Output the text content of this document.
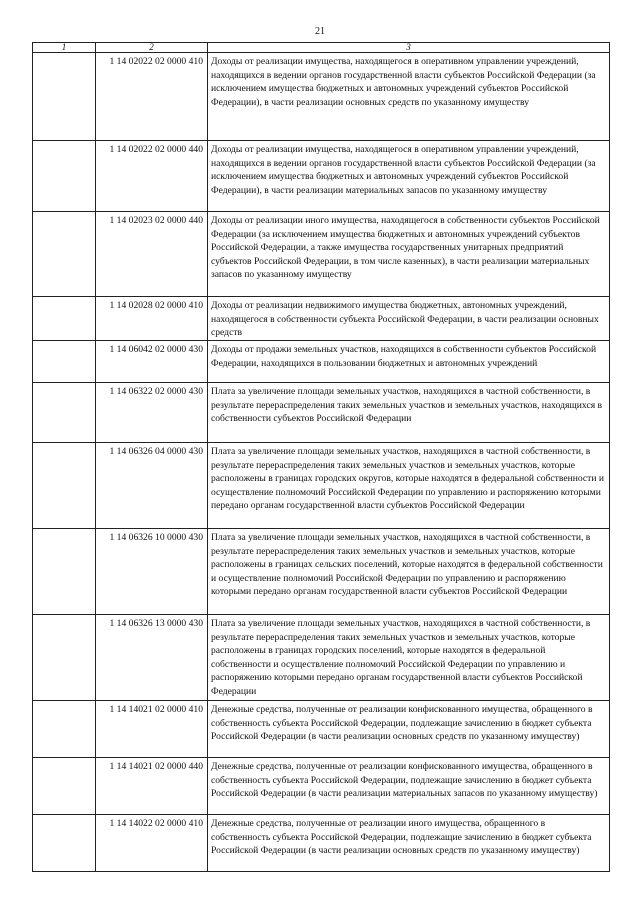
21
1	2	3
	1 14 02022 02 0000 410	Доходы от реализации имущества, находящегося в оперативном управлении учреждений, находящихся в ведении органов государственной власти субъектов Российской Федерации (за исключением имущества бюджетных и автономных учреждений субъектов Российской Федерации), в части реализации основных средств по указанному имуществу
	1 14 02022 02 0000 440	Доходы от реализации имущества, находящегося в оперативном управлении учреждений, находящихся в ведении органов государственной власти субъектов Российской Федерации (за исключением имущества бюджетных и автономных учреждений субъектов Российской Федерации), в части реализации материальных запасов по указанному имуществу
	1 14 02023 02 0000 440	Доходы от реализации иного имущества, находящегося в собственности субъектов Российской Федерации (за исключением имущества бюджетных и автономных учреждений субъектов Российской Федерации, а также имущества государственных унитарных предприятий субъектов Российской Федерации, в том числе казенных), в части реализации материальных запасов по указанному имуществу
	1 14 02028 02 0000 410	Доходы от реализации недвижимого имущества бюджетных, автономных учреждений, находящегося в собственности субъекта Российской Федерации, в части реализации основных средств
	1 14 06042 02 0000 430	Доходы от продажи земельных участков, находящихся в собственности субъектов Российской Федерации, находящихся в пользовании бюджетных и автономных учреждений
	1 14 06322 02 0000 430	Плата за увеличение площади земельных участков, находящихся в частной собственности, в результате перераспределения таких земельных участков и земельных участков, находящихся в собственности субъектов Российской Федерации
	1 14 06326 04 0000 430	Плата за увеличение площади земельных участков, находящихся в частной собственности, в результате перераспределения таких земельных участков и земельных участков, которые расположены в границах городских округов, которые находятся в федеральной собственности и осуществление полномочий Российской Федерации по управлению и распоряжению которыми передано органам государственной власти субъектов Российской Федерации
	1 14 06326 10 0000 430	Плата за увеличение площади земельных участков, находящихся в частной собственности, в результате перераспределения таких земельных участков и земельных участков, которые расположены в границах сельских поселений, которые находятся в федеральной собственности и осуществление полномочий Российской Федерации по управлению и распоряжению которыми передано органам государственной власти субъектов Российской Федерации
	1 14 06326 13 0000 430	Плата за увеличение площади земельных участков, находящихся в частной собственности, в результате перераспределения таких земельных участков и земельных участков, которые расположены в границах городских поселений, которые находятся в федеральной собственности и осуществление полномочий Российской Федерации по управлению и распоряжению которыми передано органам государственной власти субъектов Российской Федерации
	1 14 14021 02 0000 410	Денежные средства, полученные от реализации конфискованного имущества, обращенного в собственность субъекта Российской Федерации, подлежащие зачислению в бюджет субъекта Российской Федерации (в части реализации основных средств по указанному имуществу)
	1 14 14021 02 0000 440	Денежные средства, полученные от реализации конфискованного имущества, обращенного в собственность субъекта Российской Федерации, подлежащие зачислению в бюджет субъекта Российской Федерации (в части реализации материальных запасов по указанному имуществу)
	1 14 14022 02 0000 410	Денежные средства, полученные от реализации иного имущества, обращенного в собственность субъекта Российской Федерации, подлежащие зачислению в бюджет субъекта Российской Федерации (в части реализации основных средств по указанному имуществу)
